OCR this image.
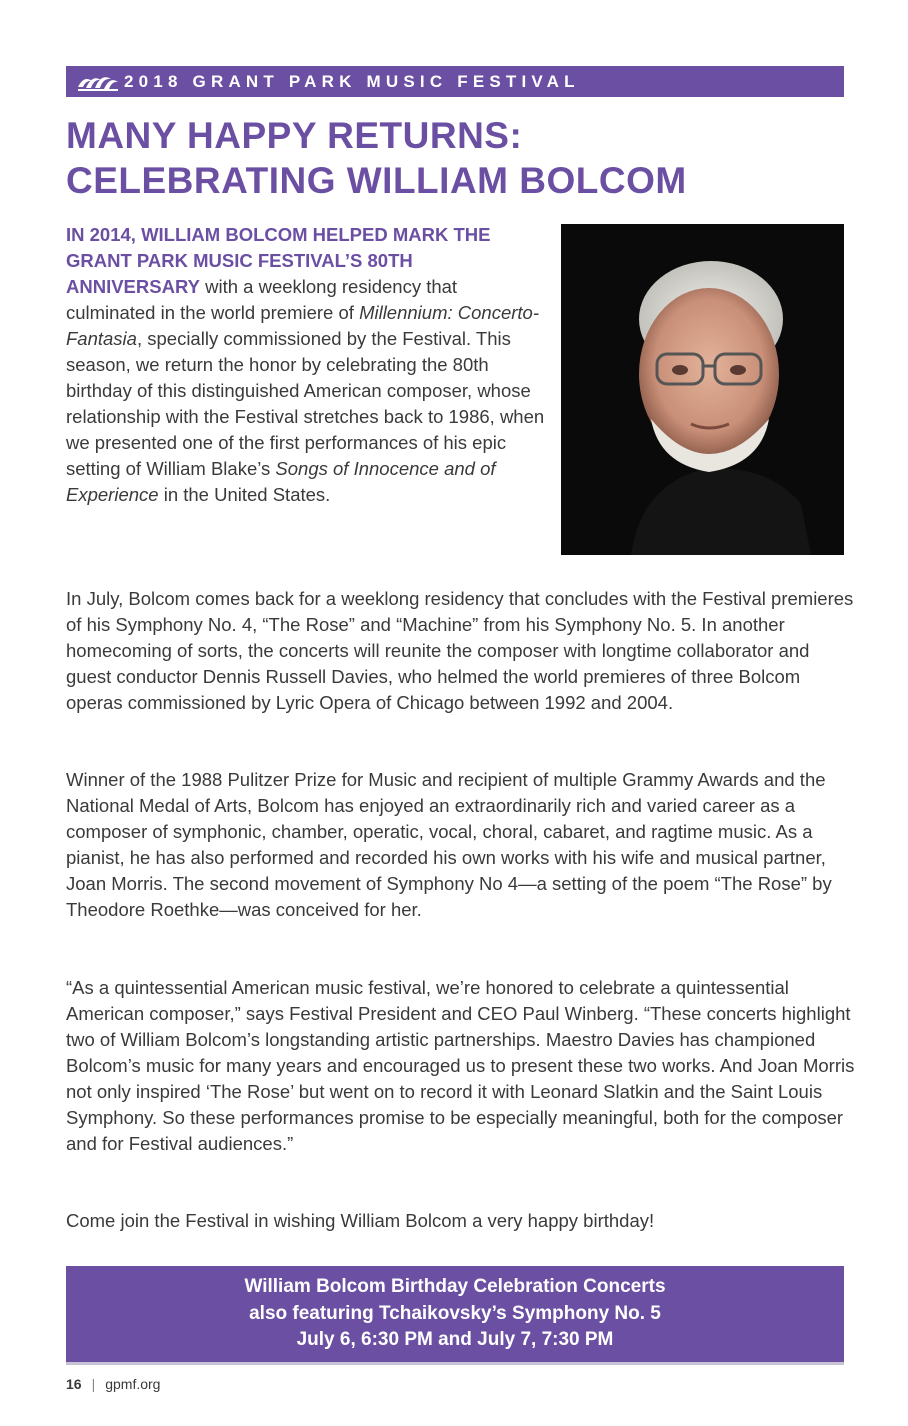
2018 GRANT PARK MUSIC FESTIVAL
MANY HAPPY RETURNS:
CELEBRATING WILLIAM BOLCOM

IN 2014, WILLIAM BOLCOM HELPED MARK THE GRANT PARK MUSIC FESTIVAL’S 80TH ANNIVERSARY with a weeklong residency that culminated in the world premiere of Millennium: Concerto-Fantasia, specially commissioned by the Festival. This season, we return the honor by celebrating the 80th birthday of this distinguished American composer, whose relationship with the Festival stretches back to 1986, when we presented one of the first performances of his epic setting of William Blake’s Songs of Innocence and of Experience in the United States.

In July, Bolcom comes back for a weeklong residency that concludes with the Festival premieres of his Symphony No. 4, “The Rose” and “Machine” from his Symphony No. 5. In another homecoming of sorts, the concerts will reunite the composer with longtime collaborator and guest conductor Dennis Russell Davies, who helmed the world premieres of three Bolcom operas commissioned by Lyric Opera of Chicago between 1992 and 2004.

Winner of the 1988 Pulitzer Prize for Music and recipient of multiple Grammy Awards and the National Medal of Arts, Bolcom has enjoyed an extraordinarily rich and varied career as a composer of symphonic, chamber, operatic, vocal, choral, cabaret, and ragtime music. As a pianist, he has also performed and recorded his own works with his wife and musical partner, Joan Morris. The second movement of Symphony No 4—a setting of the poem “The Rose” by Theodore Roethke—was conceived for her.

“As a quintessential American music festival, we’re honored to celebrate a quintessential American composer,” says Festival President and CEO Paul Winberg. “These concerts highlight two of William Bolcom’s longstanding artistic partnerships. Maestro Davies has championed Bolcom’s music for many years and encouraged us to present these two works. And Joan Morris not only inspired ‘The Rose’ but went on to record it with Leonard Slatkin and the Saint Louis Symphony. So these performances promise to be especially meaningful, both for the composer and for Festival audiences.”

Come join the Festival in wishing William Bolcom a very happy birthday!

William Bolcom Birthday Celebration Concerts
also featuring Tchaikovsky’s Symphony No. 5
July 6, 6:30 PM and July 7, 7:30 PM
16 | gpmf.org
